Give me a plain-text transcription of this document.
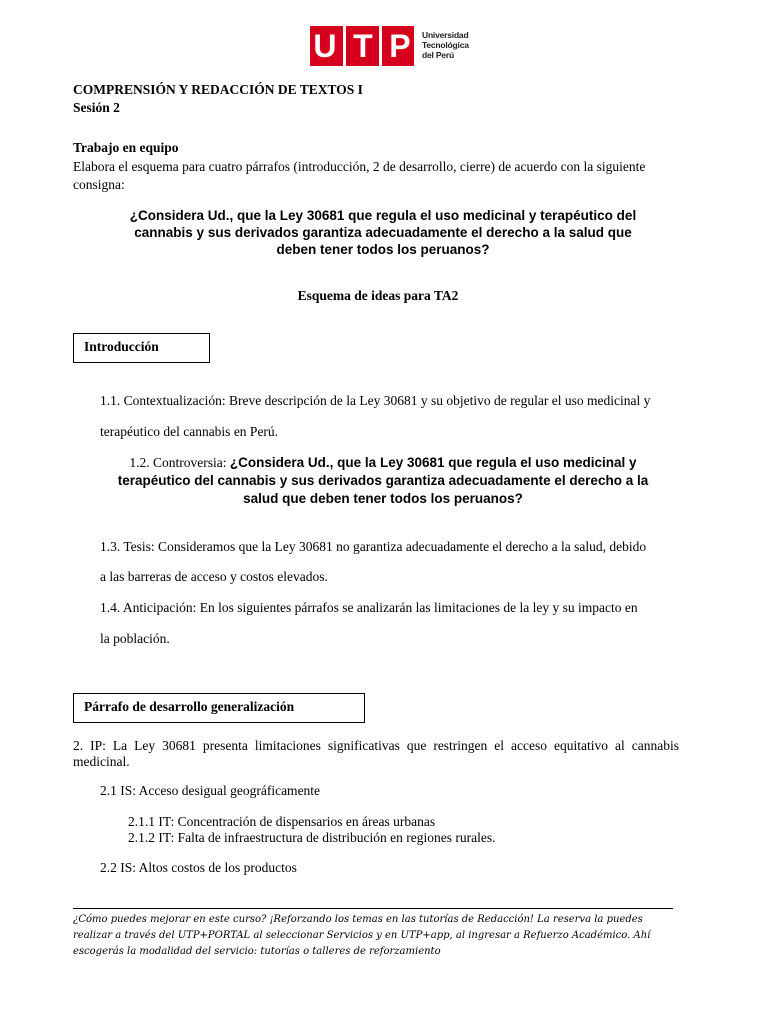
U T P Universidad
Tecnológica
del Perú
COMPRENSIÓN Y REDACCIÓN DE TEXTOS I
Sesión 2
Trabajo en equipo
Elabora el esquema para cuatro párrafos (introducción, 2 de desarrollo, cierre) de acuerdo con la siguiente consigna:
¿Considera Ud., que la Ley 30681 que regula el uso medicinal y terapéutico del
cannabis y sus derivados garantiza adecuadamente el derecho a la salud que
deben tener todos los peruanos?
Esquema de ideas para TA2
Introducción
1.1. Contextualización: Breve descripción de la Ley 30681 y su objetivo de regular el uso medicinal y
terapéutico del cannabis en Perú.
1.2. Controversia: ¿Considera Ud., que la Ley 30681 que regula el uso medicinal y
terapéutico del cannabis y sus derivados garantiza adecuadamente el derecho a la
salud que deben tener todos los peruanos?
1.3. Tesis: Consideramos que la Ley 30681 no garantiza adecuadamente el derecho a la salud, debido
a las barreras de acceso y costos elevados.
1.4. Anticipación: En los siguientes párrafos se analizarán las limitaciones de la ley y su impacto en
la población.
Párrafo de desarrollo generalización
2. IP: La Ley 30681 presenta limitaciones significativas que restringen el acceso equitativo al cannabis medicinal.
2.1 IS: Acceso desigual geográficamente
2.1.1 IT: Concentración de dispensarios en áreas urbanas
2.1.2 IT: Falta de infraestructura de distribución en regiones rurales.
2.2 IS: Altos costos de los productos
¿Cómo puedes mejorar en este curso? ¡Reforzando los temas en las tutorías de Redacción! La reserva la puedes
realizar a través del UTP+PORTAL al seleccionar Servicios y en UTP+app, al ingresar a Refuerzo Académico. Ahí
escogerás la modalidad del servicio: tutorías o talleres de reforzamiento
